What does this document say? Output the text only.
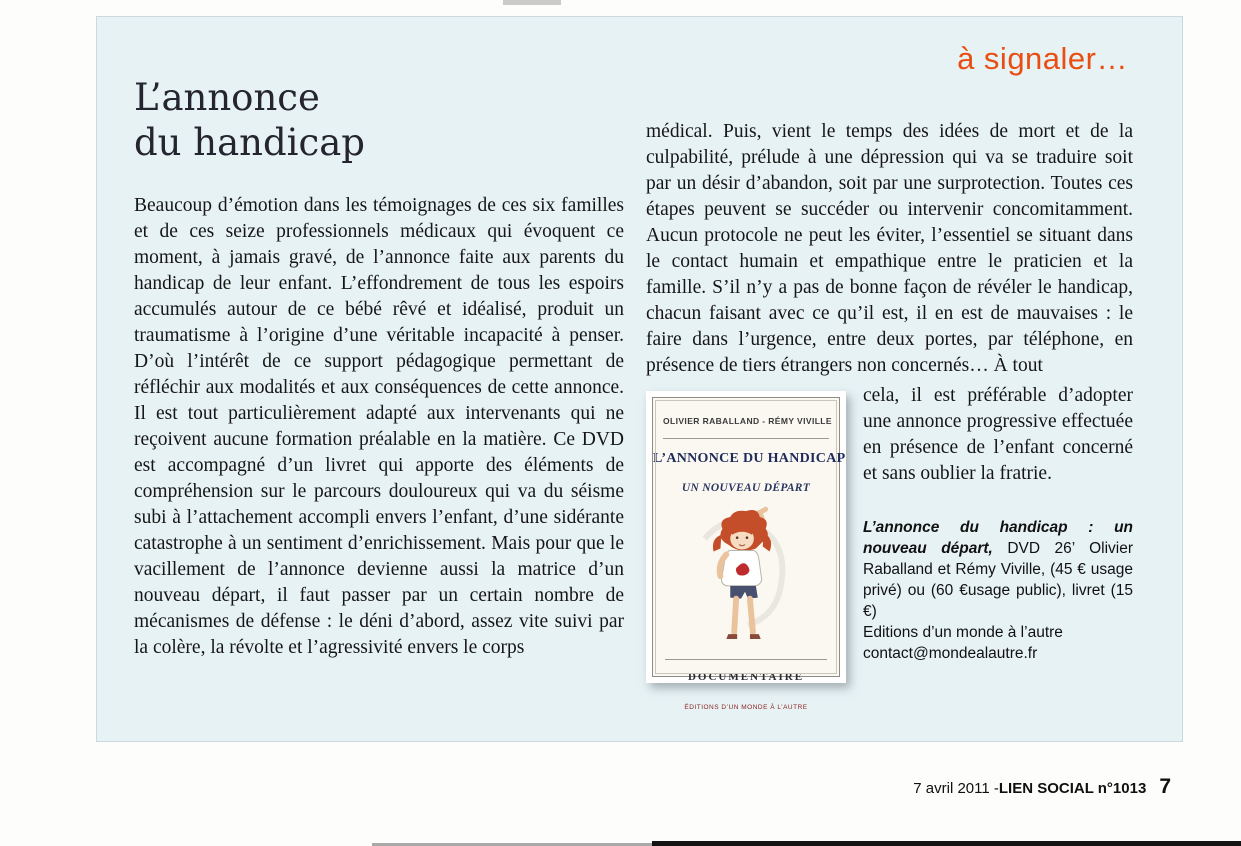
à signaler…
L’annonce
du handicap

Beaucoup d’émotion dans les témoignages de ces six familles et de ces seize professionnels médicaux qui évoquent ce moment, à jamais gravé, de l’annonce faite aux parents du handicap de leur enfant. L’effondrement de tous les espoirs accumulés autour de ce bébé rêvé et idéalisé, produit un traumatisme à l’origine d’une véritable incapacité à penser. D’où l’intérêt de ce support pédagogique permettant de réfléchir aux modalités et aux conséquences de cette annonce. Il est tout particulièrement adapté aux intervenants qui ne reçoivent aucune formation préalable en la matière. Ce DVD est accompagné d’un livret qui apporte des éléments de compréhension sur le parcours douloureux qui va du séisme subi à l’attachement accompli envers l’enfant, d’une sidérante catastrophe à un sentiment d’enrichissement. Mais pour que le vacillement de l’annonce devienne aussi la matrice d’un nouveau départ, il faut passer par un certain nombre de mécanismes de défense : le déni d’abord, assez vite suivi par la colère, la révolte et l’agressivité envers le corps

médical. Puis, vient le temps des idées de mort et de la culpabilité, prélude à une dépression qui va se traduire soit par un désir d’abandon, soit par une surprotection. Toutes ces étapes peuvent se succéder ou intervenir concomitamment. Aucun protocole ne peut les éviter, l’essentiel se situant dans le contact humain et empathique entre le praticien et la famille. S’il n’y a pas de bonne façon de révéler le handicap, chacun faisant avec ce qu’il est, il en est de mauvaises : le faire dans l’urgence, entre deux portes, par téléphone, en présence de tiers étrangers non concernés… À tout

OLIVIER RABALLAND - RÉMY VIVILLE
L’ANNONCE DU HANDICAP
UN NOUVEAU DÉPART
DOCUMENTAIRE
ÉDITIONS D’UN MONDE À L’AUTRE

cela, il est préférable d’adopter une annonce progressive effectuée en présence de l’enfant concerné et sans oublier la fratrie.

L’annonce du handicap : un nouveau départ, DVD 26’ Olivier Raballand et Rémy Viville, (45 € usage privé) ou (60 €usage public), livret (15 €)
Editions d’un monde à l’autre
contact@mondealautre.fr

7 avril 2011 - LIEN SOCIAL n°1013 7
